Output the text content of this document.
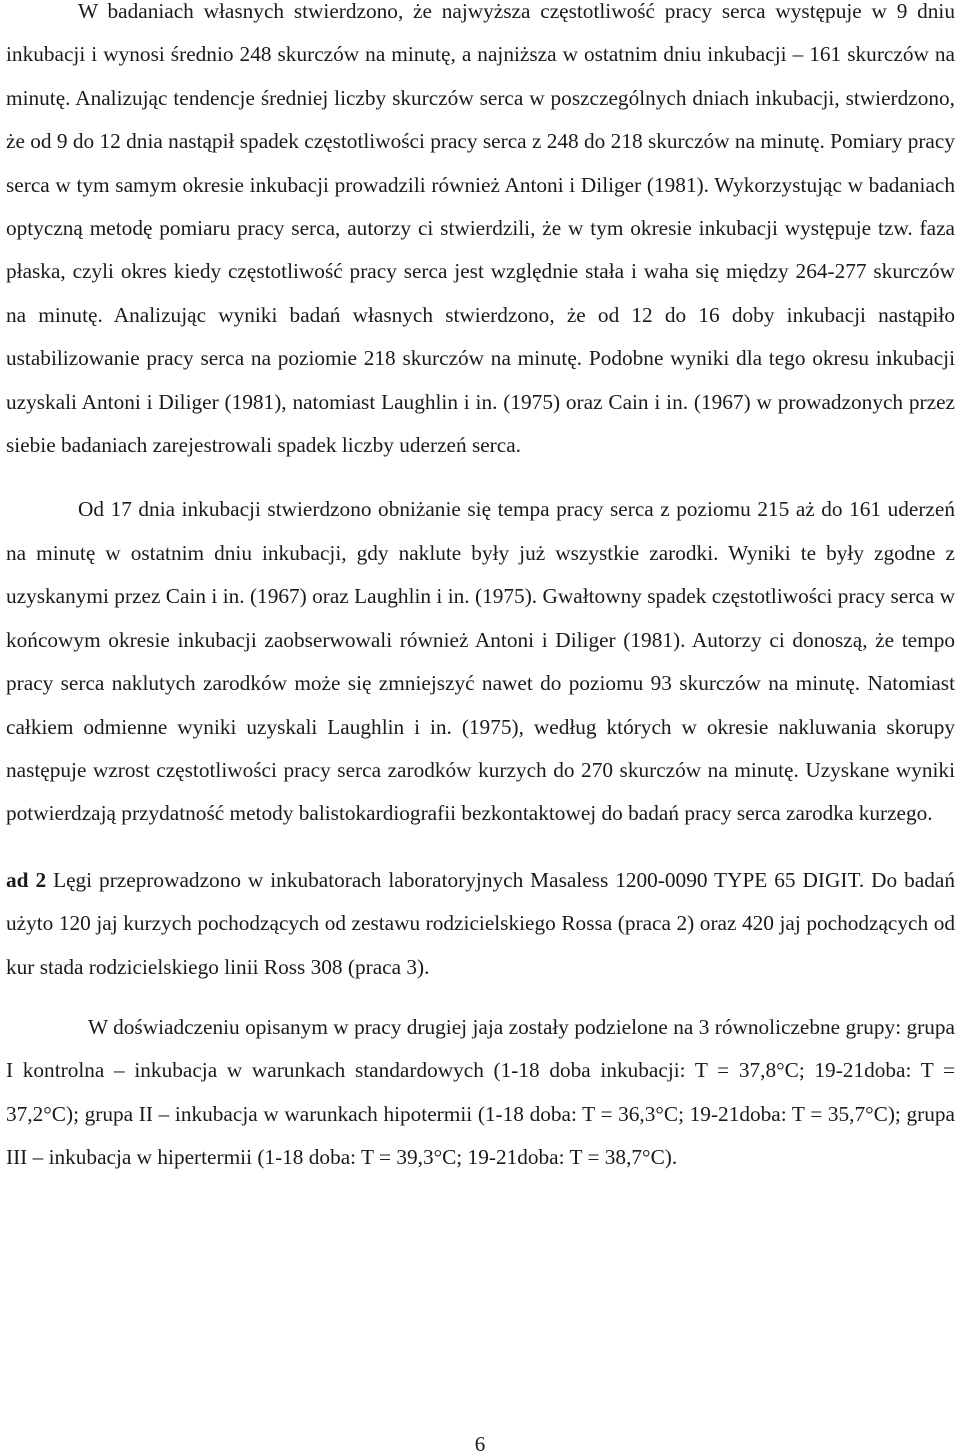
W badaniach własnych stwierdzono, że najwyższa częstotliwość pracy serca występuje w 9 dniu inkubacji i wynosi średnio 248 skurczów na minutę, a najniższa w ostatnim dniu inkubacji – 161 skurczów na minutę. Analizując tendencje średniej liczby skurczów serca w poszczególnych dniach inkubacji, stwierdzono, że od 9 do 12 dnia nastąpił spadek częstotliwości pracy serca z 248 do 218 skurczów na minutę. Pomiary pracy serca w tym samym okresie inkubacji prowadzili również Antoni i Diliger (1981). Wykorzystując w badaniach optyczną metodę pomiaru pracy serca, autorzy ci stwierdzili, że w tym okresie inkubacji występuje tzw. faza płaska, czyli okres kiedy częstotliwość pracy serca jest względnie stała i waha się między 264-277 skurczów na minutę. Analizując wyniki badań własnych stwierdzono, że od 12 do 16 doby inkubacji nastąpiło ustabilizowanie pracy serca na poziomie 218 skurczów na minutę. Podobne wyniki dla tego okresu inkubacji uzyskali Antoni i Diliger (1981), natomiast Laughlin i in. (1975) oraz Cain i in. (1967) w prowadzonych przez siebie badaniach zarejestrowali spadek liczby uderzeń serca.

Od 17 dnia inkubacji stwierdzono obniżanie się tempa pracy serca z poziomu 215 aż do 161 uderzeń na minutę w ostatnim dniu inkubacji, gdy naklute były już wszystkie zarodki. Wyniki te były zgodne z uzyskanymi przez Cain i in. (1967) oraz Laughlin i in. (1975). Gwałtowny spadek częstotliwości pracy serca w końcowym okresie inkubacji zaobserwowali również Antoni i Diliger (1981). Autorzy ci donoszą, że tempo pracy serca naklutych zarodków może się zmniejszyć nawet do poziomu 93 skurczów na minutę. Natomiast całkiem odmienne wyniki uzyskali Laughlin i in. (1975), według których w okresie nakluwania skorupy następuje wzrost częstotliwości pracy serca zarodków kurzych do 270 skurczów na minutę. Uzyskane wyniki potwierdzają przydatność metody balistokardiografii bezkontaktowej do badań pracy serca zarodka kurzego.

ad 2 Lęgi przeprowadzono w inkubatorach laboratoryjnych Masaless 1200-0090 TYPE 65 DIGIT. Do badań użyto 120 jaj kurzych pochodzących od zestawu rodzicielskiego Rossa (praca 2) oraz 420 jaj pochodzących od kur stada rodzicielskiego linii Ross 308 (praca 3).

W doświadczeniu opisanym w pracy drugiej jaja zostały podzielone na 3 równoliczebne grupy: grupa I kontrolna – inkubacja w warunkach standardowych (1-18 doba inkubacji: T = 37,8°C; 19-21doba: T = 37,2°C); grupa II – inkubacja w warunkach hipotermii (1-18 doba: T = 36,3°C; 19-21doba: T = 35,7°C); grupa III – inkubacja w hipertermii (1-18 doba: T = 39,3°C; 19-21doba: T = 38,7°C).

6
